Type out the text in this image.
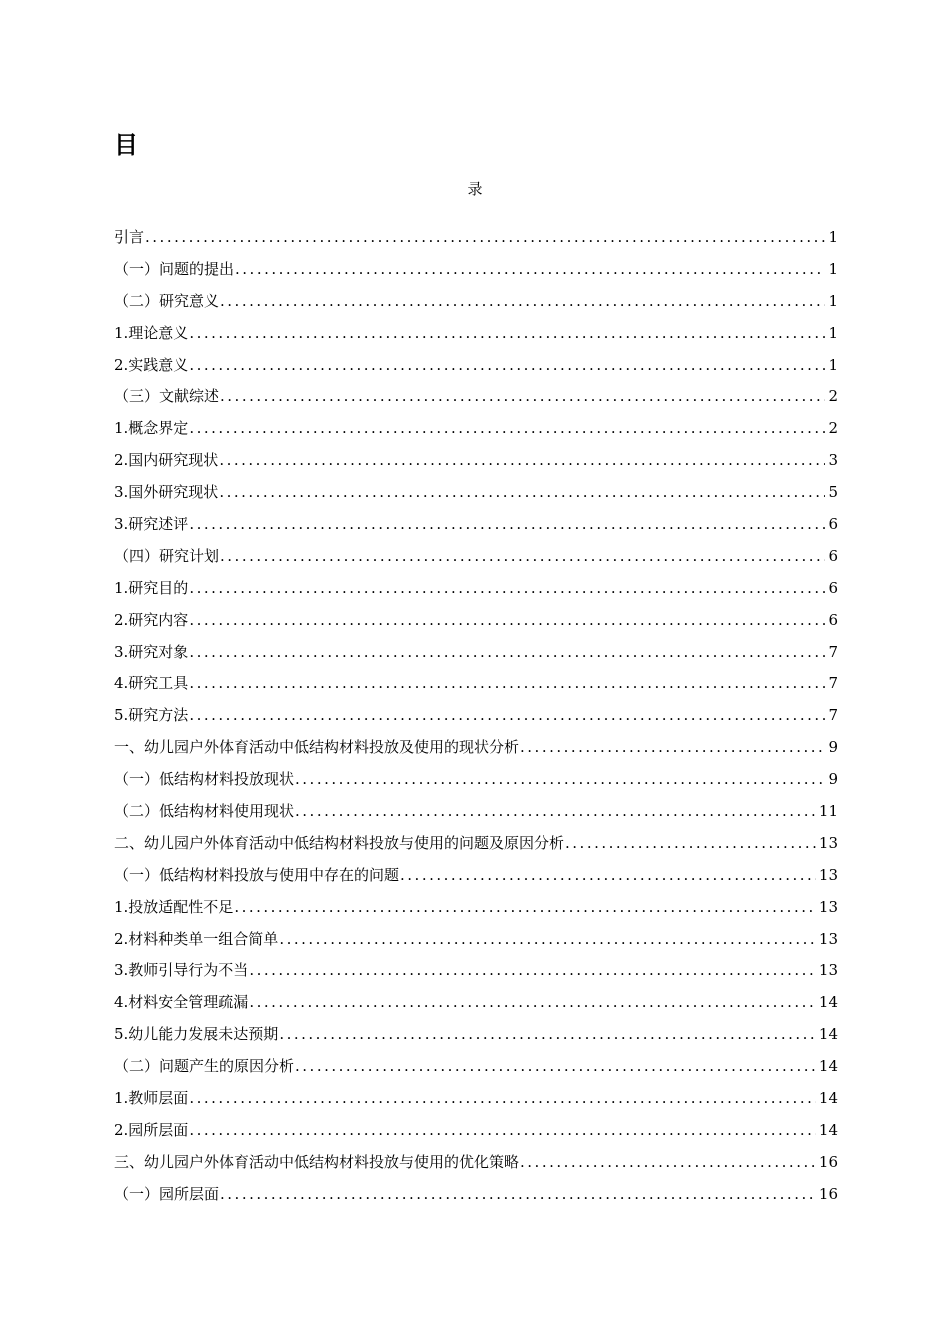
目
录
引言 .....	1
（一）问题的提出 .....	1
（二）研究意义 .....	1
1.理论意义 .....	1
2.实践意义 .....	1
（三）文献综述 .....	2
1.概念界定 .....	2
2.国内研究现状 .....	3
3.国外研究现状 .....	5
3.研究述评 .....	6
（四）研究计划 .....	6
1.研究目的 .....	6
2.研究内容 .....	6
3.研究对象 .....	7
4.研究工具 .....	7
5.研究方法 .....	7
一、幼儿园户外体育活动中低结构材料投放及使用的现状分析 .....	9
（一）低结构材料投放现状 .....	9
（二）低结构材料使用现状 .....	11
二、幼儿园户外体育活动中低结构材料投放与使用的问题及原因分析 .....	13
（一）低结构材料投放与使用中存在的问题 .....	13
1.投放适配性不足 .....	13
2.材料种类单一组合简单 .....	13
3.教师引导行为不当 .....	13
4.材料安全管理疏漏 .....	14
5.幼儿能力发展未达预期 .....	14
（二）问题产生的原因分析 .....	14
1.教师层面 .....	14
2.园所层面 .....	14
三、幼儿园户外体育活动中低结构材料投放与使用的优化策略 .....	16
（一）园所层面 .....	16
